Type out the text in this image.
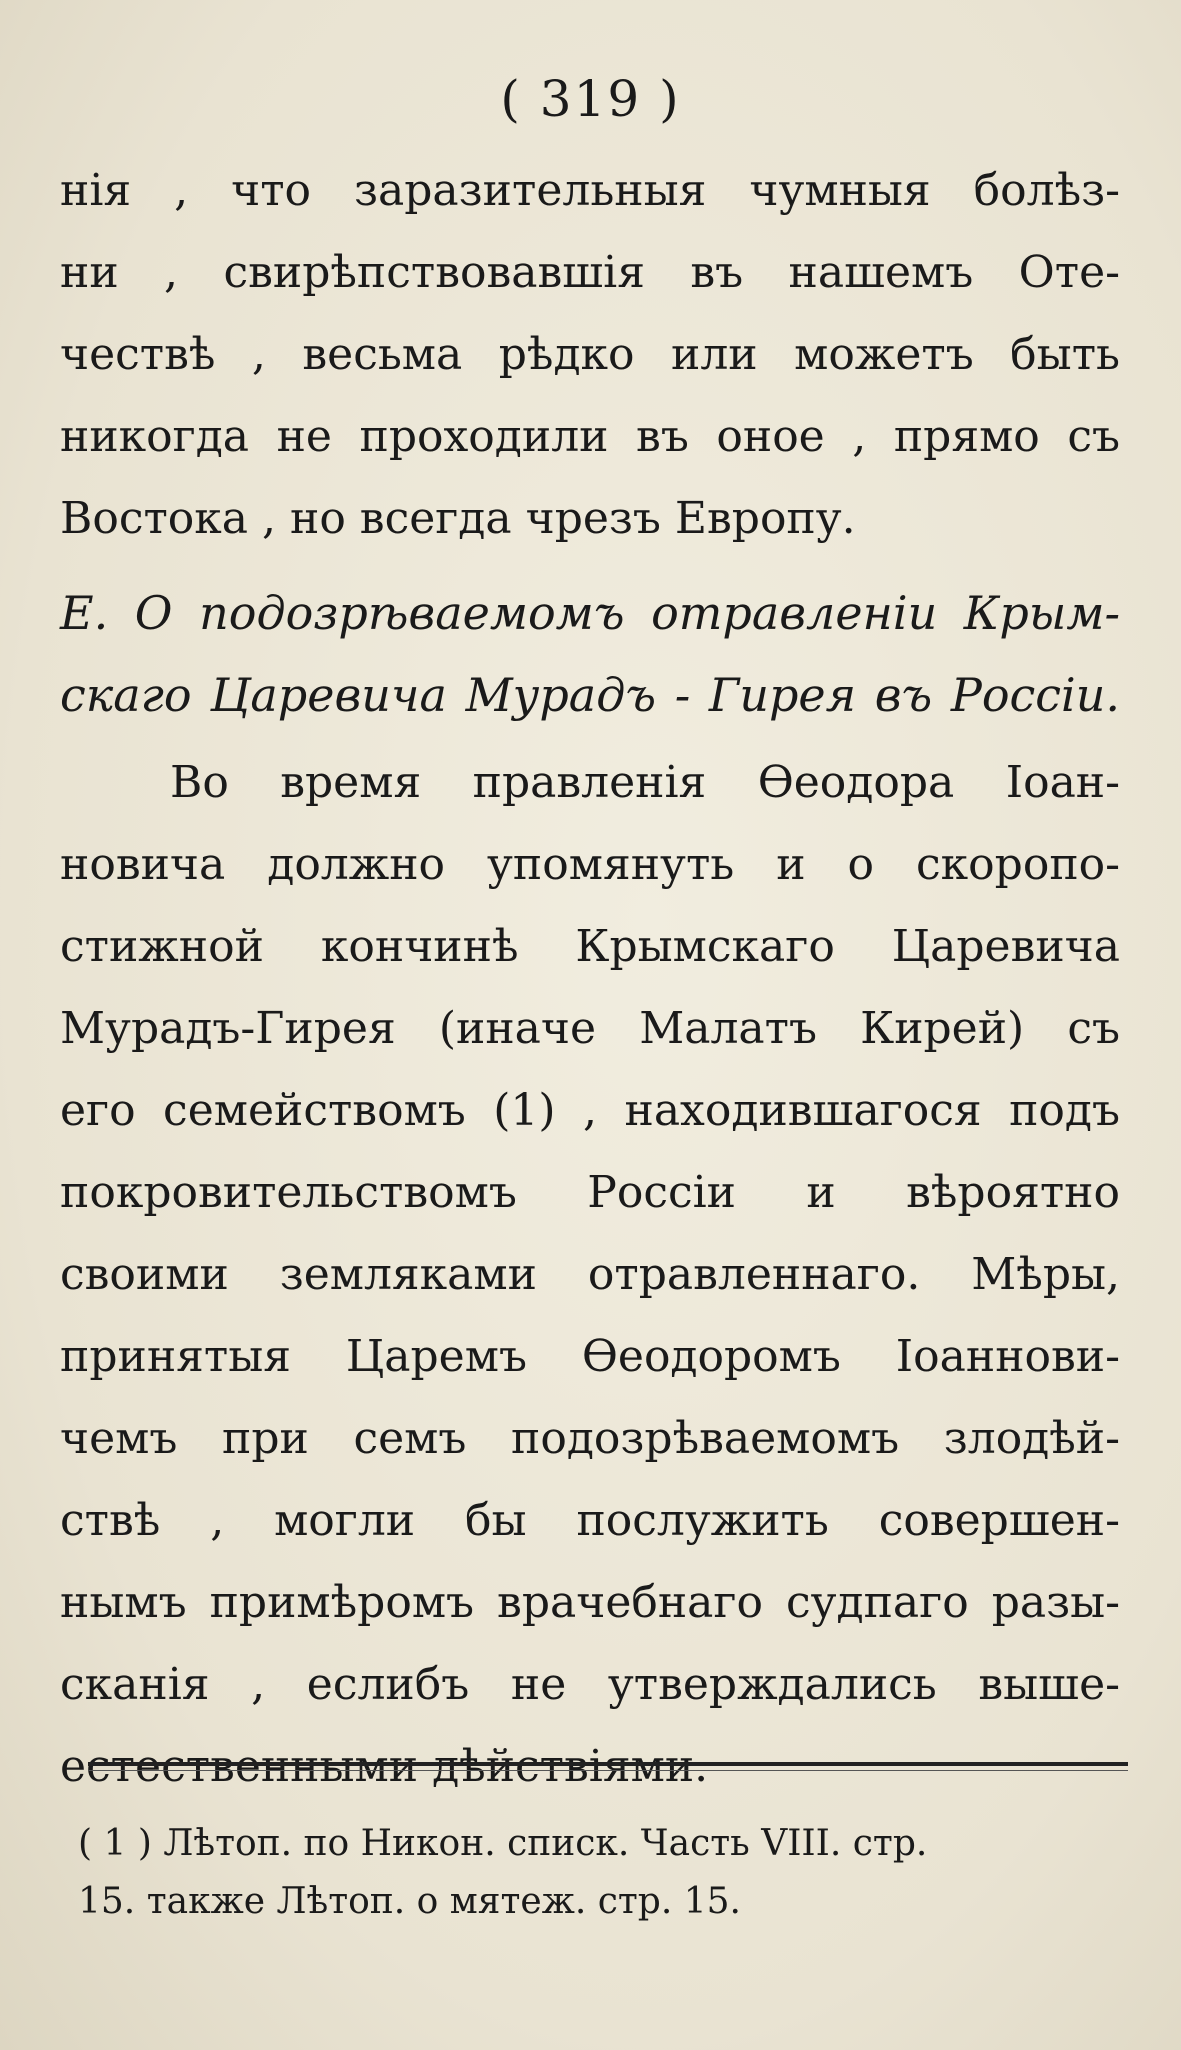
( 319 )
нія , что заразительныя чумныя болѣз-
ни , свирѣпствовавшія въ нашемъ Оте-
чествѣ , весьма рѣдко или можетъ быть
никогда не проходили въ оное , прямо съ
Востока , но всегда чрезъ Европу.
Е. О подозрѣваемомъ отравленіи Крым-
скаго Царевича Мурадъ - Гирея въ Россіи.
Во время правленія Ѳеодора Іоан-
новича должно упомянуть и о скоропо-
стижной кончинѣ Крымскаго Царевича
Мурадъ-Гирея (иначе Малатъ Кирей) съ
его семействомъ (1) , находившагося подъ
покровительствомъ Россіи и вѣроятно
своими земляками отравленнаго. Мѣры,
принятыя Царемъ Ѳеодоромъ Іоаннови-
чемъ при семъ подозрѣваемомъ злодѣй-
ствѣ , могли бы послужить совершен-
нымъ примѣромъ врачебнаго судпаго разы-
сканія , еслибъ не утверждались выше-
естественными дѣйствіями.
( 1 ) Лѣтоп. по Никон. списк. Часть VIII. стр.
15. также Лѣтоп. о мятеж. стр. 15.
